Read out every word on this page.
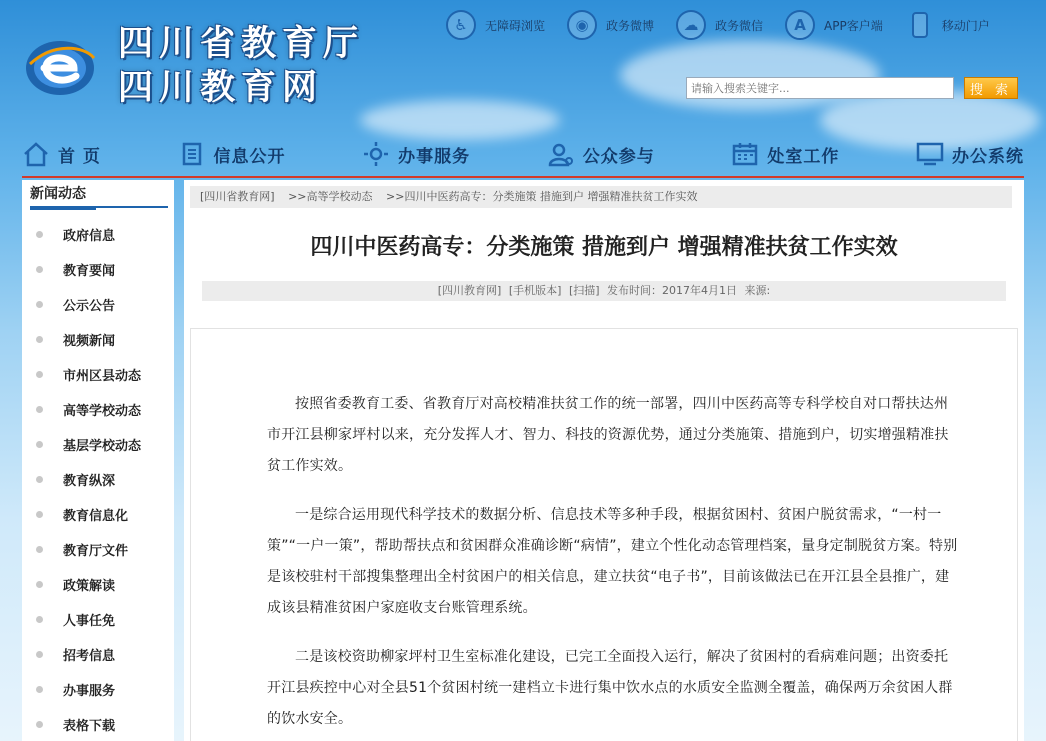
四川省教育厅
四川教育网
♿	无障碍浏览	◉	政务微博	☁	政务微信	A	APP客户端	移动门户
请输入搜索关键字...
搜 索
首 页	信息公开	办事服务	公众参与	处室工作	办公系统
新闻动态
政府信息
教育要闻
公示公告
视频新闻
市州区县动态
高等学校动态
基层学校动态
教育纵深
教育信息化
教育厅文件
政策解读
人事任免
招考信息
办事服务
表格下载
[四川省教育网] >>高等学校动态 >>四川中医药高专：分类施策 措施到户 增强精准扶贫工作实效
四川中医药高专：分类施策 措施到户 增强精准扶贫工作实效
[四川教育网] [手机版本] [扫描] 发布时间：2017年4月1日 来源:

按照省委教育工委、省教育厅对高校精准扶贫工作的统一部署，四川中医药高等专科学校自对口帮扶达州市开江县柳家坪村以来，充分发挥人才、智力、科技的资源优势，通过分类施策、措施到户，切实增强精准扶贫工作实效。

一是综合运用现代科学技术的数据分析、信息技术等多种手段，根据贫困村、贫困户脱贫需求，“一村一策”“一户一策”，帮助帮扶点和贫困群众准确诊断“病情”，建立个性化动态管理档案，量身定制脱贫方案。特别是该校驻村干部搜集整理出全村贫困户的相关信息，建立扶贫“电子书”，目前该做法已在开江县全县推广，建成该县精准贫困户家庭收支台账管理系统。

二是该校资助柳家坪村卫生室标准化建设，已完工全面投入运行，解决了贫困村的看病难问题；出资委托开江县疾控中心对全县51个贫困村统一建档立卡进行集中饮水点的水质安全监测全覆盖，确保两万余贫困人群的饮水安全。
